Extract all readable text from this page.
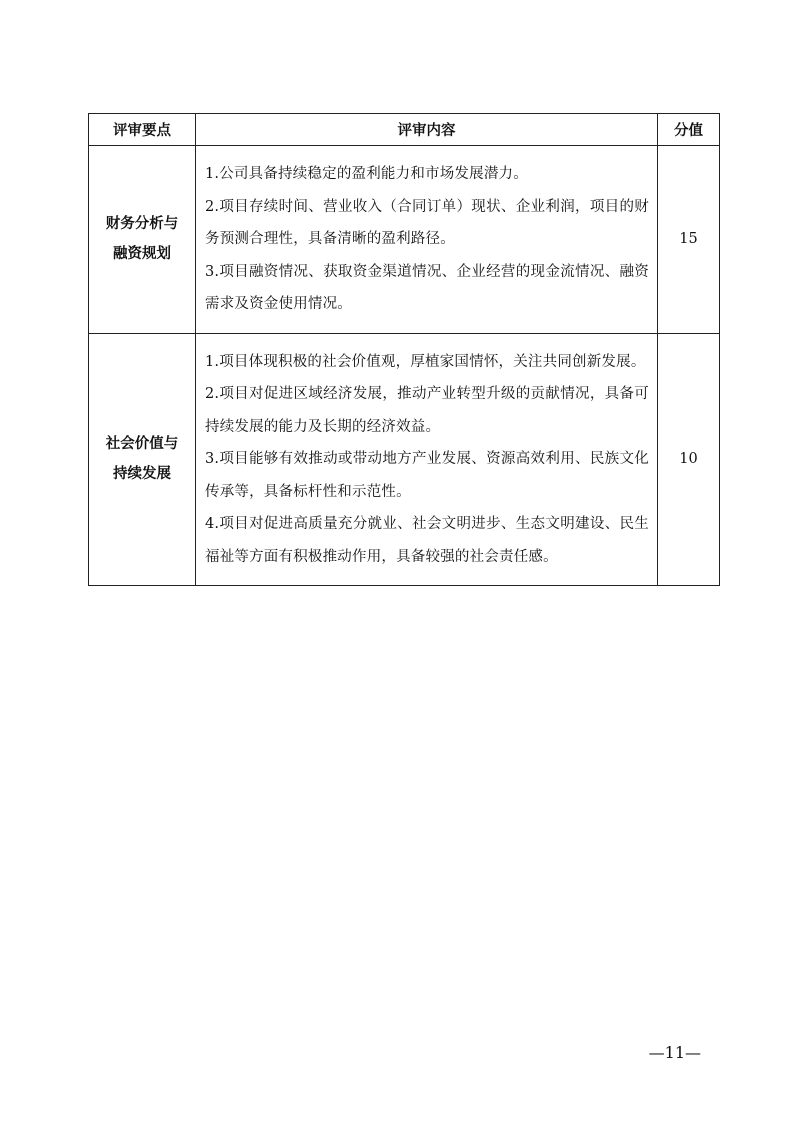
评审要点	评审内容	分值

财务分析与
融资规划	1.公司具备持续稳定的盈利能力和市场发展潜力。
2.项目存续时间、营业收入（合同订单）现状、企业利润，项目的财务预测合理性，具备清晰的盈利路径。
3.项目融资情况、获取资金渠道情况、企业经营的现金流情况、融资需求及资金使用情况。	15

社会价值与
持续发展	1.项目体现积极的社会价值观，厚植家国情怀，关注共同创新发展。
2.项目对促进区域经济发展，推动产业转型升级的贡献情况，具备可持续发展的能力及长期的经济效益。
3.项目能够有效推动或带动地方产业发展、资源高效利用、民族文化传承等，具备标杆性和示范性。
4.项目对促进高质量充分就业、社会文明进步、生态文明建设、民生福祉等方面有积极推动作用，具备较强的社会责任感。	10
—11—
